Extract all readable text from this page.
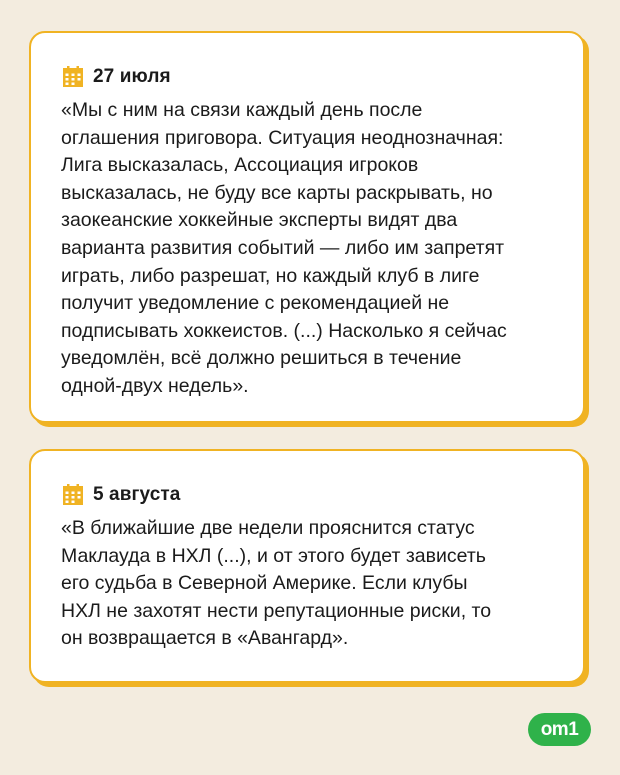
27 июля
«Мы с ним на связи каждый день после
оглашения приговора. Ситуация неоднозначная:
Лига высказалась, Ассоциация игроков
высказалась, не буду все карты раскрывать, но
заокеанские хоккейные эксперты видят два
варианта развития событий — либо им запретят
играть, либо разрешат, но каждый клуб в лиге
получит уведомление с рекомендацией не
подписывать хоккеистов. (...) Насколько я сейчас
уведомлён, всё должно решиться в течение
одной-двух недель».
5 августа
«В ближайшие две недели прояснится статус
Маклауда в НХЛ (...), и от этого будет зависеть
его судьба в Северной Америке. Если клубы
НХЛ не захотят нести репутационные риски, то
он возвращается в «Авангард».
om1
